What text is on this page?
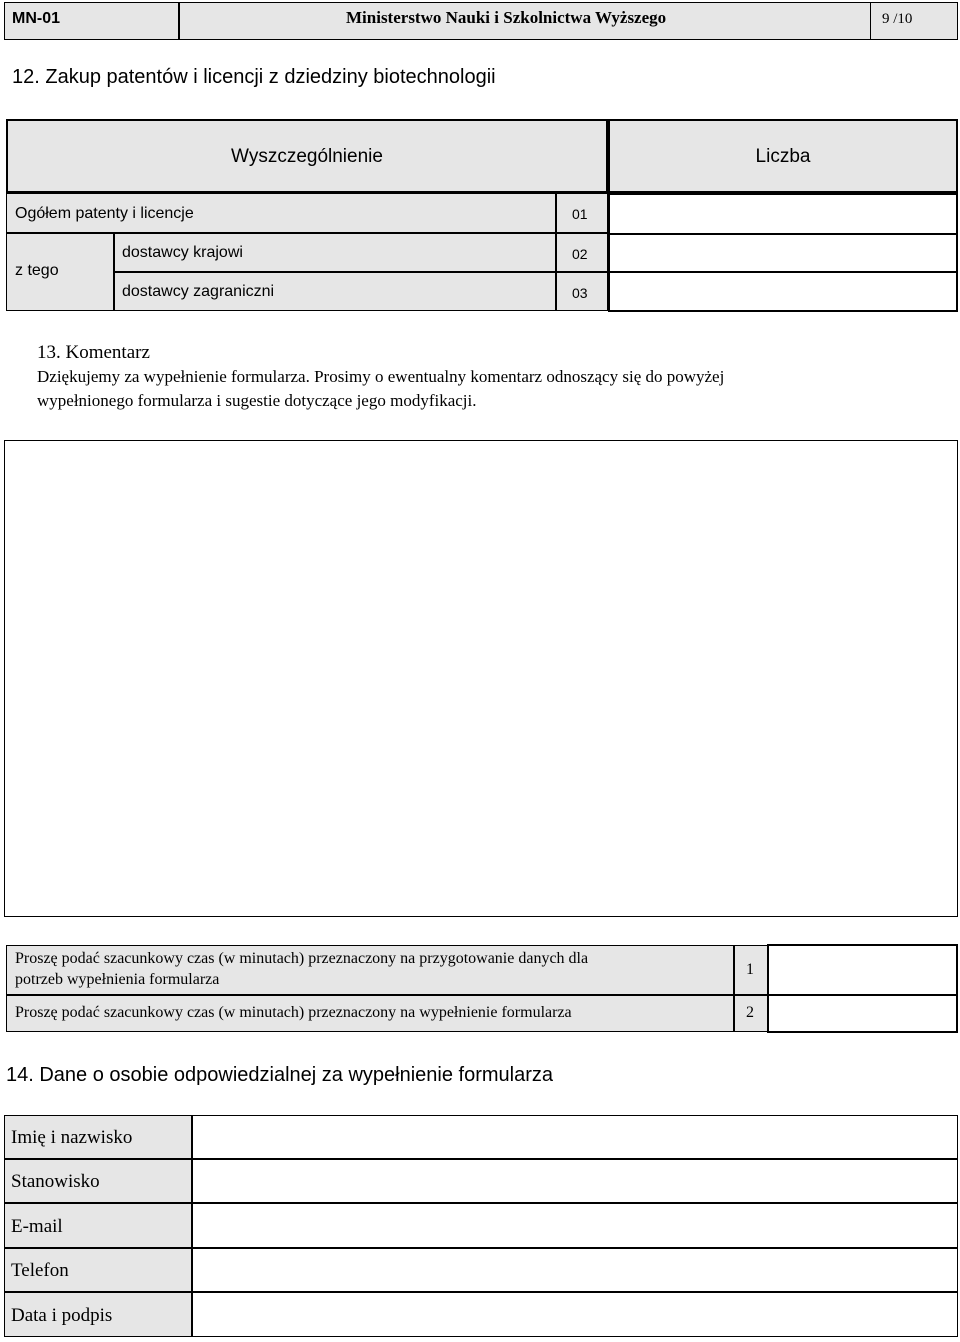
MN-01	Ministerstwo Nauki i Szkolnictwa Wyższego	9 /10
12. Zakup patentów i licencji z dziedziny biotechnologii
Wyszczególnienie	Liczba
Ogółem patenty i licencje	01
z tego
dostawcy krajowi	02
dostawcy zagraniczni	03
13. Komentarz
Dziękujemy za wypełnienie formularza. Prosimy o ewentualny komentarz odnoszący się do powyżej
wypełnionego formularza i sugestie dotyczące jego modyfikacji.
Proszę podać szacunkowy czas (w minutach) przeznaczony na przygotowanie danych dla
potrzeb wypełnienia formularza
1
Proszę podać szacunkowy czas (w minutach) przeznaczony na wypełnienie formularza	2
14. Dane o osobie odpowiedzialnej za wypełnienie formularza
Imię i nazwisko
Stanowisko
E-mail
Telefon
Data i podpis
